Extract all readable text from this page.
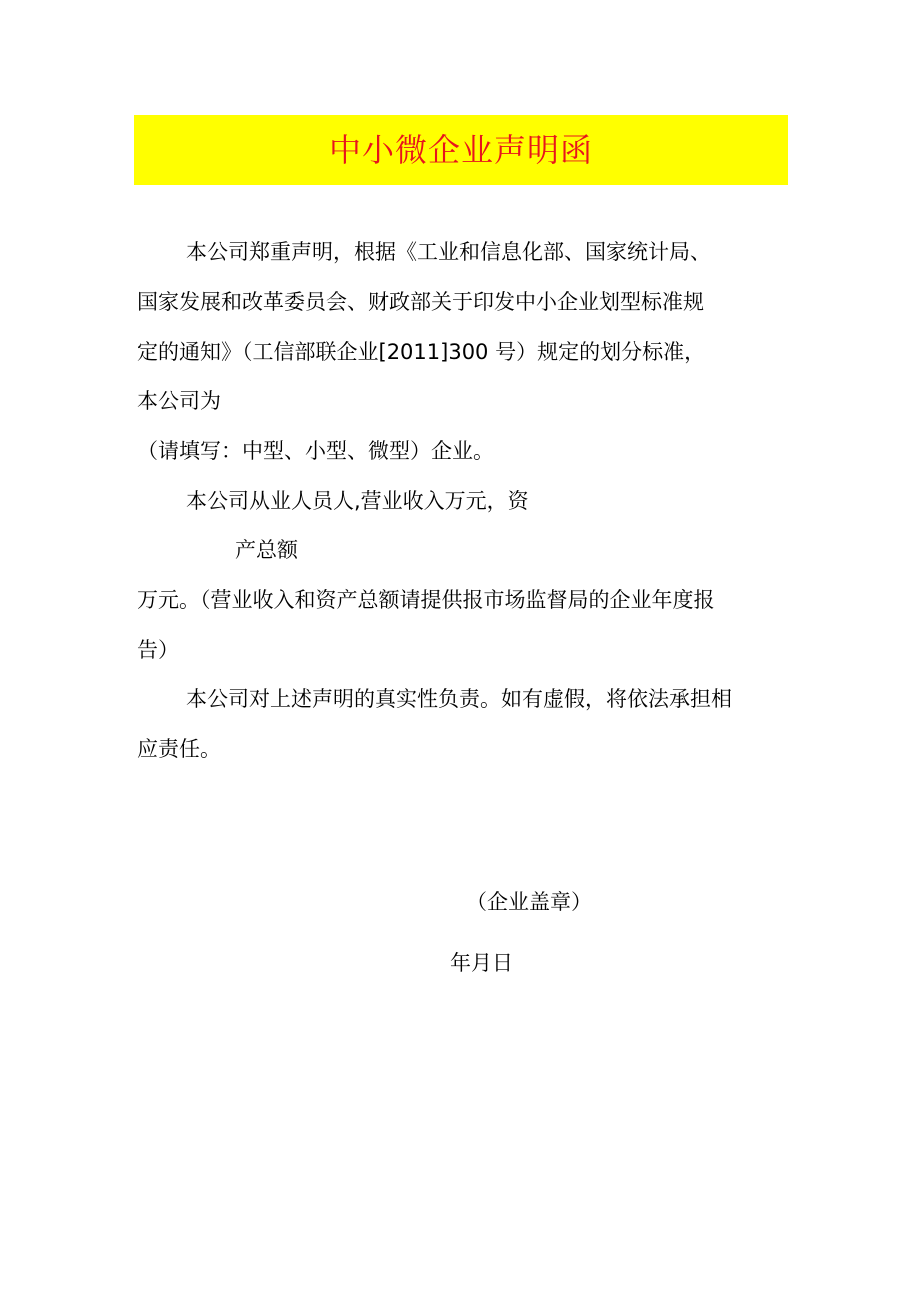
中小微企业声明函
本公司郑重声明，根据《工业和信息化部、国家统计局、
国家发展和改革委员会、财政部关于印发中小企业划型标准规
定的通知》（工信部联企业[2011]300 号）规定的划分标准，
本公司为
（请填写：中型、小型、微型）企业。
本公司从业人员人,营业收入万元，资
产总额
万元。（营业收入和资产总额请提供报市场监督局的企业年度报
告）
本公司对上述声明的真实性负责。如有虚假，将依法承担相
应责任。
（企业盖章）
年月日
